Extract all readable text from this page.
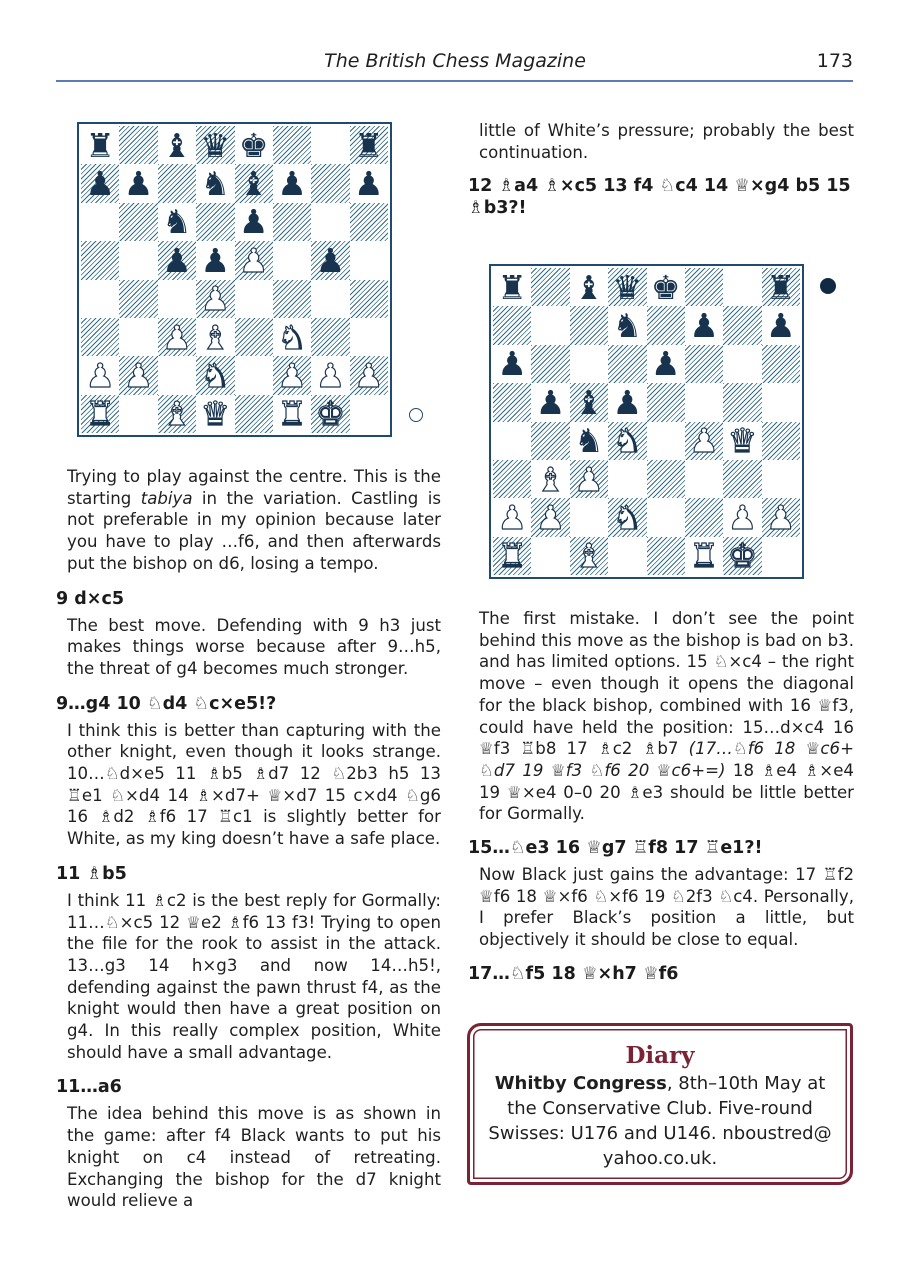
The British Chess Magazine	173
♜ ♝ ♛ ♚	♜
♟ ♟ ♞ ♝ ♟ ♟
♞ ♟
♟ ♟ ♟ ♟
♟
♟ ♝ ♞
♟ ♟ ♞ ♟ ♟ ♟
♜ ♝ ♛ ♜ ♚

Trying to play against the centre. This is the starting tabiya in the variation. Castling is not preferable in my opinion because later you have to play …f6, and then afterwards put the bishop on d6, losing a tempo.

9 d×c5
The best move. Defending with 9 h3 just makes things worse because after 9…h5, the threat of g4 becomes much stronger.
9…g4 10 ♘d4 ♘c×e5!?
I think this is better than capturing with the other knight, even though it looks strange. 10…♘d×e5 11 ♗b5 ♗d7 12 ♘2b3 h5 13 ♖e1 ♘×d4 14 ♗×d7+ ♕×d7 15 c×d4 ♘g6 16 ♗d2 ♗f6 17 ♖c1 is slightly better for White, as my king doesn’t have a safe place.
11 ♗b5
I think 11 ♗c2 is the best reply for Gormally: 11…♘×c5 12 ♕e2 ♗f6 13 f3! Trying to open the file for the rook to assist in the attack. 13…g3 14 h×g3 and now 14…h5!, defending against the pawn thrust f4, as the knight would then have a great position on g4. In this really complex position, White should have a small advantage.
11…a6
The idea behind this move is as shown in the game: after f4 Black wants to put his knight on c4 instead of retreating. Exchanging the bishop for the d7 knight would relieve a
little of White’s pressure; probably the best continuation.
12 ♗a4 ♗×c5 13 f4 ♘c4 14 ♕×g4 b5 15 ♗b3?!
♜ ♝ ♛ ♚	♜
♞ ♟ ♟
♟	♟
♟ ♝ ♟
♞ ♞ ♟ ♛
♝ ♟
♟ ♟ ♞	♟ ♟
♜ ♝	♜ ♚
The first mistake. I don’t see the point behind this move as the bishop is bad on b3. and has limited options. 15 ♘×c4 – the right move – even though it opens the diagonal for the black bishop, combined with 16 ♕f3, could have held the position: 15…d×c4 16 ♕f3 ♖b8 17 ♗c2 ♗b7 (17…♘f6 18 ♕c6+ ♘d7 19 ♕f3 ♘f6 20 ♕c6+=) 18 ♗e4 ♗×e4 19 ♕×e4 0–0 20 ♗e3 should be little better for Gormally.
15…♘e3 16 ♕g7 ♖f8 17 ♖e1?!
Now Black just gains the advantage: 17 ♖f2 ♕f6 18 ♕×f6 ♘×f6 19 ♘2f3 ♘c4. Personally, I prefer Black’s position a little, but objectively it should be close to equal.
17…♘f5 18 ♕×h7 ♕f6
Diary
Whitby Congress, 8th–10th May at the Conservative Club. Five-round Swisses: U176 and U146. nboustred@ yahoo.co.uk.
